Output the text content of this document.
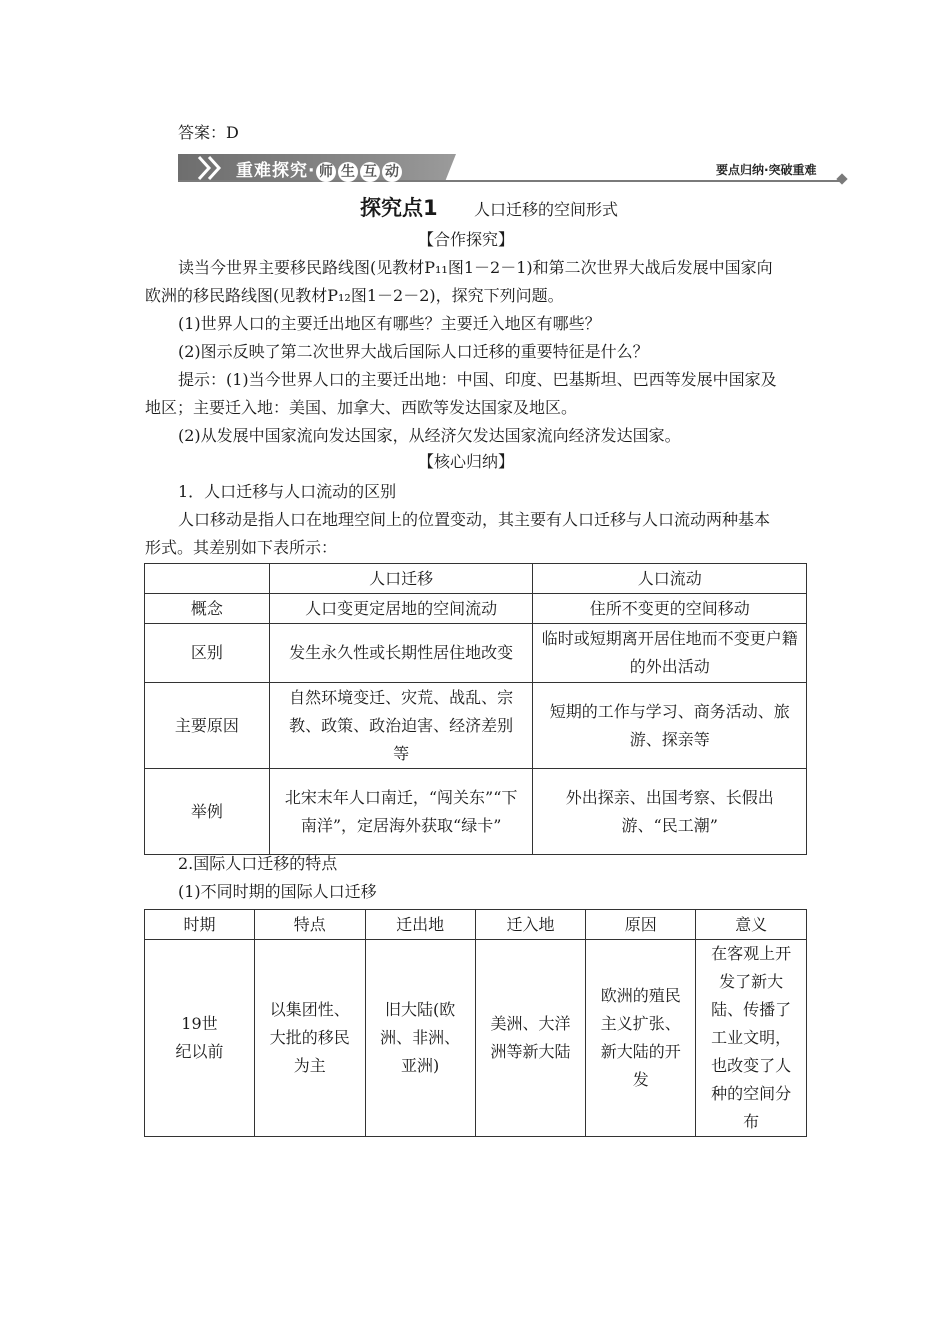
答案：D
重难探究· 师 生 互 动	要点归纳·突破重难
探究点1 人口迁移的空间形式
【合作探究】
读当今世界主要移民路线图(见教材P₁₁图1－2－1)和第二次世界大战后发展中国家向
欧洲的移民路线图(见教材P₁₂图1－2－2)，探究下列问题。
(1)世界人口的主要迁出地区有哪些？主要迁入地区有哪些？
(2)图示反映了第二次世界大战后国际人口迁移的重要特征是什么？
提示：(1)当今世界人口的主要迁出地：中国、印度、巴基斯坦、巴西等发展中国家及
地区；主要迁入地：美国、加拿大、西欧等发达国家及地区。
(2)从发展中国家流向发达国家，从经济欠发达国家流向经济发达国家。
【核心归纳】
1．人口迁移与人口流动的区别
人口移动是指人口在地理空间上的位置变动，其主要有人口迁移与人口流动两种基本
形式。其差别如下表所示：
	人口迁移	人口流动
概念	人口变更定居地的空间流动	住所不变更的空间移动
区别	发生永久性或长期性居住地改变	临时或短期离开居住地而不变更户籍的外出活动
主要原因	自然环境变迁、灾荒、战乱、宗教、政策、政治迫害、经济差别等	短期的工作与学习、商务活动、旅游、探亲等
举例	北宋末年人口南迁，“闯关东”“下南洋”，定居海外获取“绿卡”	外出探亲、出国考察、长假出游、“民工潮”
2.国际人口迁移的特点
(1)不同时期的国际人口迁移
时期	特点	迁出地	迁入地	原因	意义
19世纪以前	以集团性、大批的移民为主	旧大陆(欧洲、非洲、亚洲)	美洲、大洋洲等新大陆	欧洲的殖民主义扩张、新大陆的开发	在客观上开发了新大陆、传播了工业文明，也改变了人种的空间分布
